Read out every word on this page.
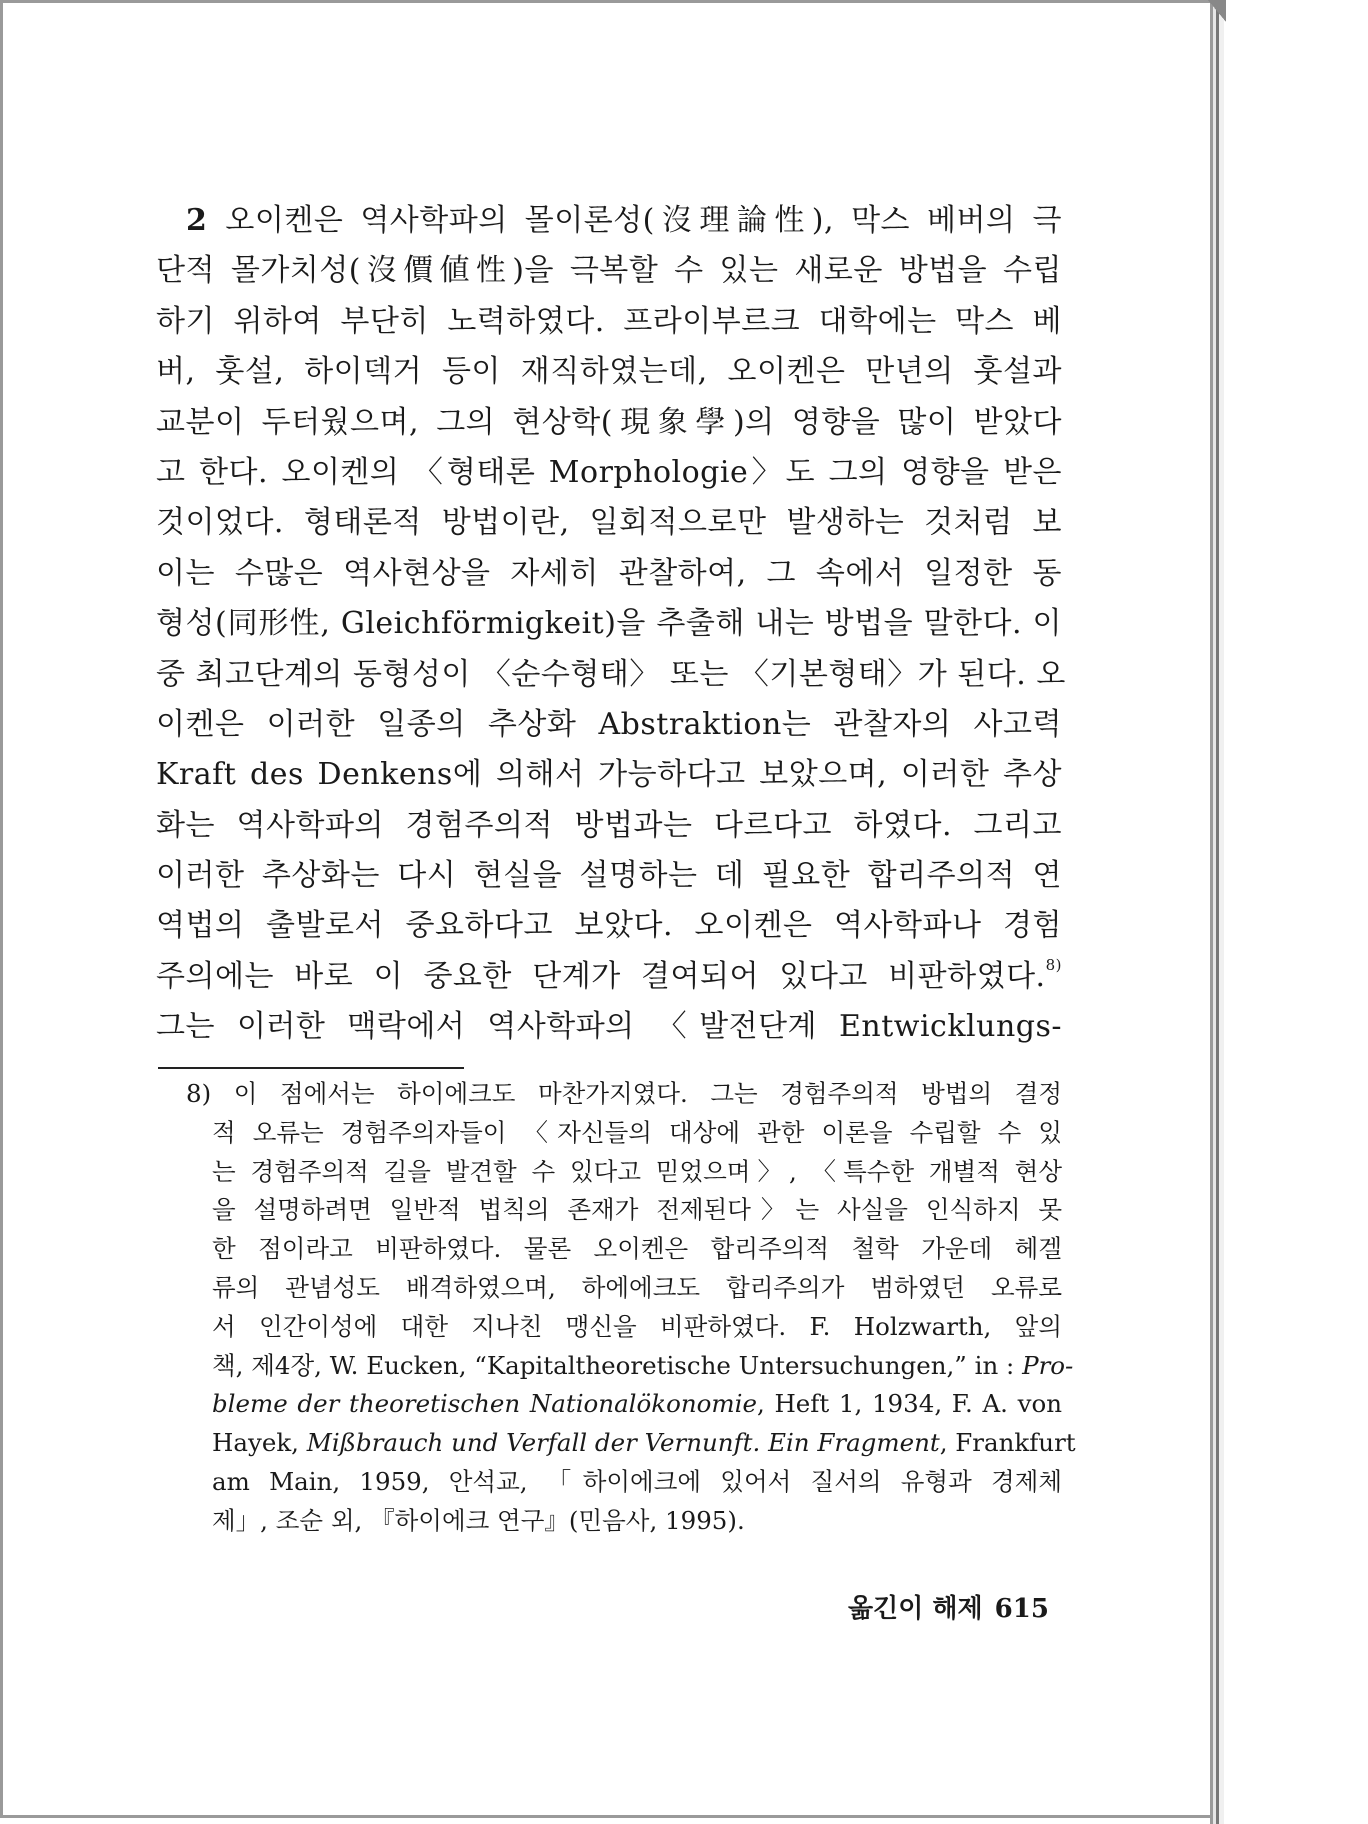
2 오이켄은 역사학파의 몰이론성(沒理論性), 막스 베버의 극
단적 몰가치성(沒價値性)을 극복할 수 있는 새로운 방법을 수립
하기 위하여 부단히 노력하였다. 프라이부르크 대학에는 막스 베
버, 훗설, 하이덱거 등이 재직하였는데, 오이켄은 만년의 훗설과
교분이 두터웠으며, 그의 현상학(現象學)의 영향을 많이 받았다
고 한다. 오이켄의 〈형태론 Morphologie〉도 그의 영향을 받은
것이었다. 형태론적 방법이란, 일회적으로만 발생하는 것처럼 보
이는 수많은 역사현상을 자세히 관찰하여, 그 속에서 일정한 동
형성(同形性, Gleichförmigkeit)을 추출해 내는 방법을 말한다. 이
중 최고단계의 동형성이 〈순수형태〉 또는 〈기본형태〉가 된다. 오
이켄은 이러한 일종의 추상화 Abstraktion는 관찰자의 사고력
Kraft des Denkens에 의해서 가능하다고 보았으며, 이러한 추상
화는 역사학파의 경험주의적 방법과는 다르다고 하였다. 그리고
이러한 추상화는 다시 현실을 설명하는 데 필요한 합리주의적 연
역법의 출발로서 중요하다고 보았다. 오이켄은 역사학파나 경험
주의에는 바로 이 중요한 단계가 결여되어 있다고 비판하였다.$^{8)}$
그는 이러한 맥락에서 역사학파의 〈발전단계 Entwicklungs-
8) 이 점에서는 하이에크도 마찬가지였다. 그는 경험주의적 방법의 결정
적 오류는 경험주의자들이 〈자신들의 대상에 관한 이론을 수립할 수 있
는 경험주의적 길을 발견할 수 있다고 믿었으며〉, 〈특수한 개별적 현상
을 설명하려면 일반적 법칙의 존재가 전제된다〉는 사실을 인식하지 못
한 점이라고 비판하였다. 물론 오이켄은 합리주의적 철학 가운데 헤겔
류의 관념성도 배격하였으며, 하에에크도 합리주의가 범하였던 오류로
서 인간이성에 대한 지나친 맹신을 비판하였다. F. Holzwarth, 앞의
책, 제4장, W. Eucken, “Kapitaltheoretische Untersuchungen,” in : Pro-
bleme der theoretischen Nationalökonomie, Heft 1, 1934, F. A. von
Hayek, Mißbrauch und Verfall der Vernunft. Ein Fragment, Frankfurt
am Main, 1959, 안석교, 「하이에크에 있어서 질서의 유형과 경제체
제」, 조순 외, 『하이에크 연구』(민음사, 1995).
옮긴이 해제 615
